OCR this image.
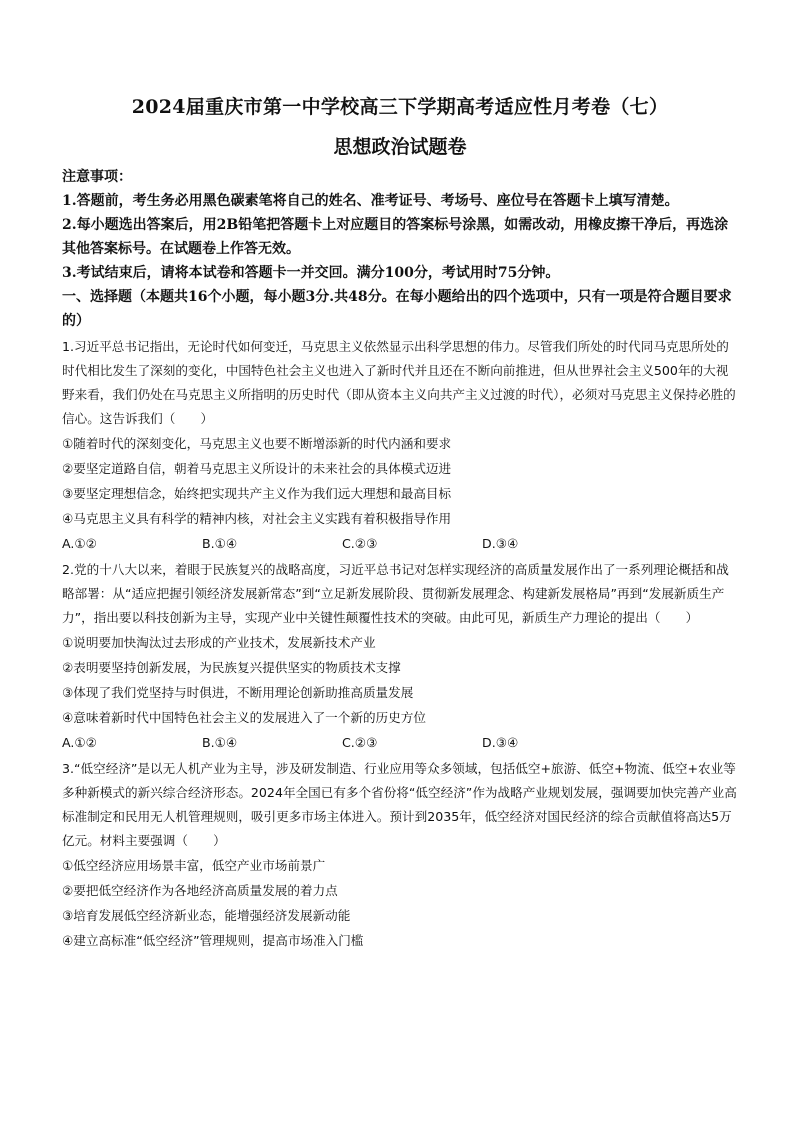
2024届重庆市第一中学校高三下学期高考适应性月考卷（七）

思想政治试题卷

注意事项：

1.答题前，考生务必用黑色碳素笔将自己的姓名、准考证号、考场号、座位号在答题卡上填写清楚。

2.每小题选出答案后，用2B铅笔把答题卡上对应题目的答案标号涂黑，如需改动，用橡皮擦干净后，再选涂其他答案标号。在试题卷上作答无效。

3.考试结束后，请将本试卷和答题卡一并交回。满分100分，考试用时75分钟。

一、选择题（本题共16个小题，每小题3分.共48分。在每小题给出的四个选项中，只有一项是符合题目要求的）

1.习近平总书记指出，无论时代如何变迁，马克思主义依然显示出科学思想的伟力。尽管我们所处的时代同马克思所处的时代相比发生了深刻的变化，中国特色社会主义也进入了新时代并且还在不断向前推进，但从世界社会主义500年的大视野来看，我们仍处在马克思主义所指明的历史时代（即从资本主义向共产主义过渡的时代），必须对马克思主义保持必胜的信心。这告诉我们（　　）

①随着时代的深刻变化，马克思主义也要不断增添新的时代内涵和要求

②要坚定道路自信，朝着马克思主义所设计的未来社会的具体模式迈进

③要坚定理想信念，始终把实现共产主义作为我们远大理想和最高目标

④马克思主义具有科学的精神内核，对社会主义实践有着积极指导作用

A.①②	B.①④	C.②③	D.③④

2.党的十八大以来，着眼于民族复兴的战略高度，习近平总书记对怎样实现经济的高质量发展作出了一系列理论概括和战略部署：从“适应把握引领经济发展新常态”到“立足新发展阶段、贯彻新发展理念、构建新发展格局”再到“发展新质生产力”，指出要以科技创新为主导，实现产业中关键性颠覆性技术的突破。由此可见，新质生产力理论的提出（　　）

①说明要加快淘汰过去形成的产业技术，发展新技术产业

②表明要坚持创新发展，为民族复兴提供坚实的物质技术支撑

③体现了我们党坚持与时俱进，不断用理论创新助推高质量发展

④意味着新时代中国特色社会主义的发展进入了一个新的历史方位

A.①②	B.①④	C.②③	D.③④

3.“低空经济”是以无人机产业为主导，涉及研发制造、行业应用等众多领域，包括低空+旅游、低空+物流、低空+农业等多种新模式的新兴综合经济形态。2024年全国已有多个省份将“低空经济”作为战略产业规划发展，强调要加快完善产业高标准制定和民用无人机管理规则，吸引更多市场主体进入。预计到2035年，低空经济对国民经济的综合贡献值将高达5万亿元。材料主要强调（　　）

①低空经济应用场景丰富，低空产业市场前景广

②要把低空经济作为各地经济高质量发展的着力点

③培育发展低空经济新业态，能增强经济发展新动能

④建立高标准“低空经济”管理规则，提高市场准入门槛
